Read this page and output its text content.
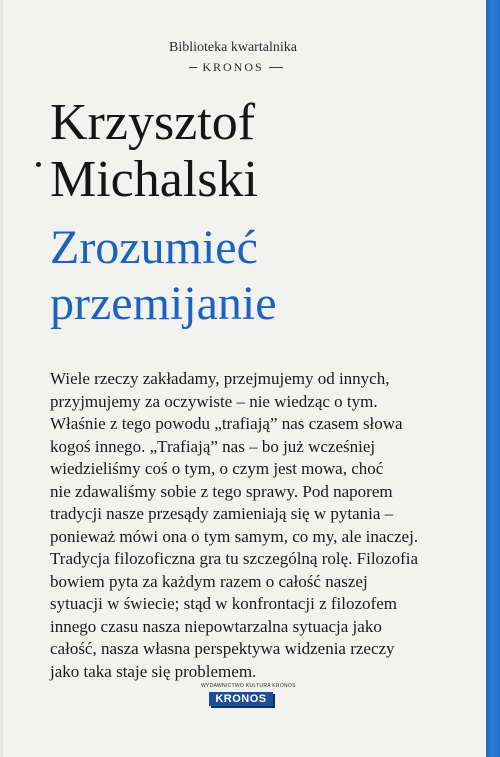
Biblioteka kwartalnika
KRONOS
Krzysztof
Michalski
Zrozumieć
przemijanie
Wiele rzeczy zakładamy, przejmujemy od innych,
przyjmujemy za oczywiste – nie wiedząc o tym.
Właśnie z tego powodu „trafiają” nas czasem słowa
kogoś innego. „Trafiają” nas – bo już wcześniej
wiedzieliśmy coś o tym, o czym jest mowa, choć
nie zdawaliśmy sobie z tego sprawy. Pod naporem
tradycji nasze przesądy zamieniają się w pytania –
ponieważ mówi ona o tym samym, co my, ale inaczej.
Tradycja filozoficzna gra tu szczególną rolę. Filozofia
bowiem pyta za każdym razem o całość naszej
sytuacji w świecie; stąd w konfrontacji z filozofem
innego czasu nasza niepowtarzalna sytuacja jako
całość, nasza własna perspektywa widzenia rzeczy
jako taka staje się problemem.
WYDAWNICTWO KULTURA KRONOS
KRONOS
